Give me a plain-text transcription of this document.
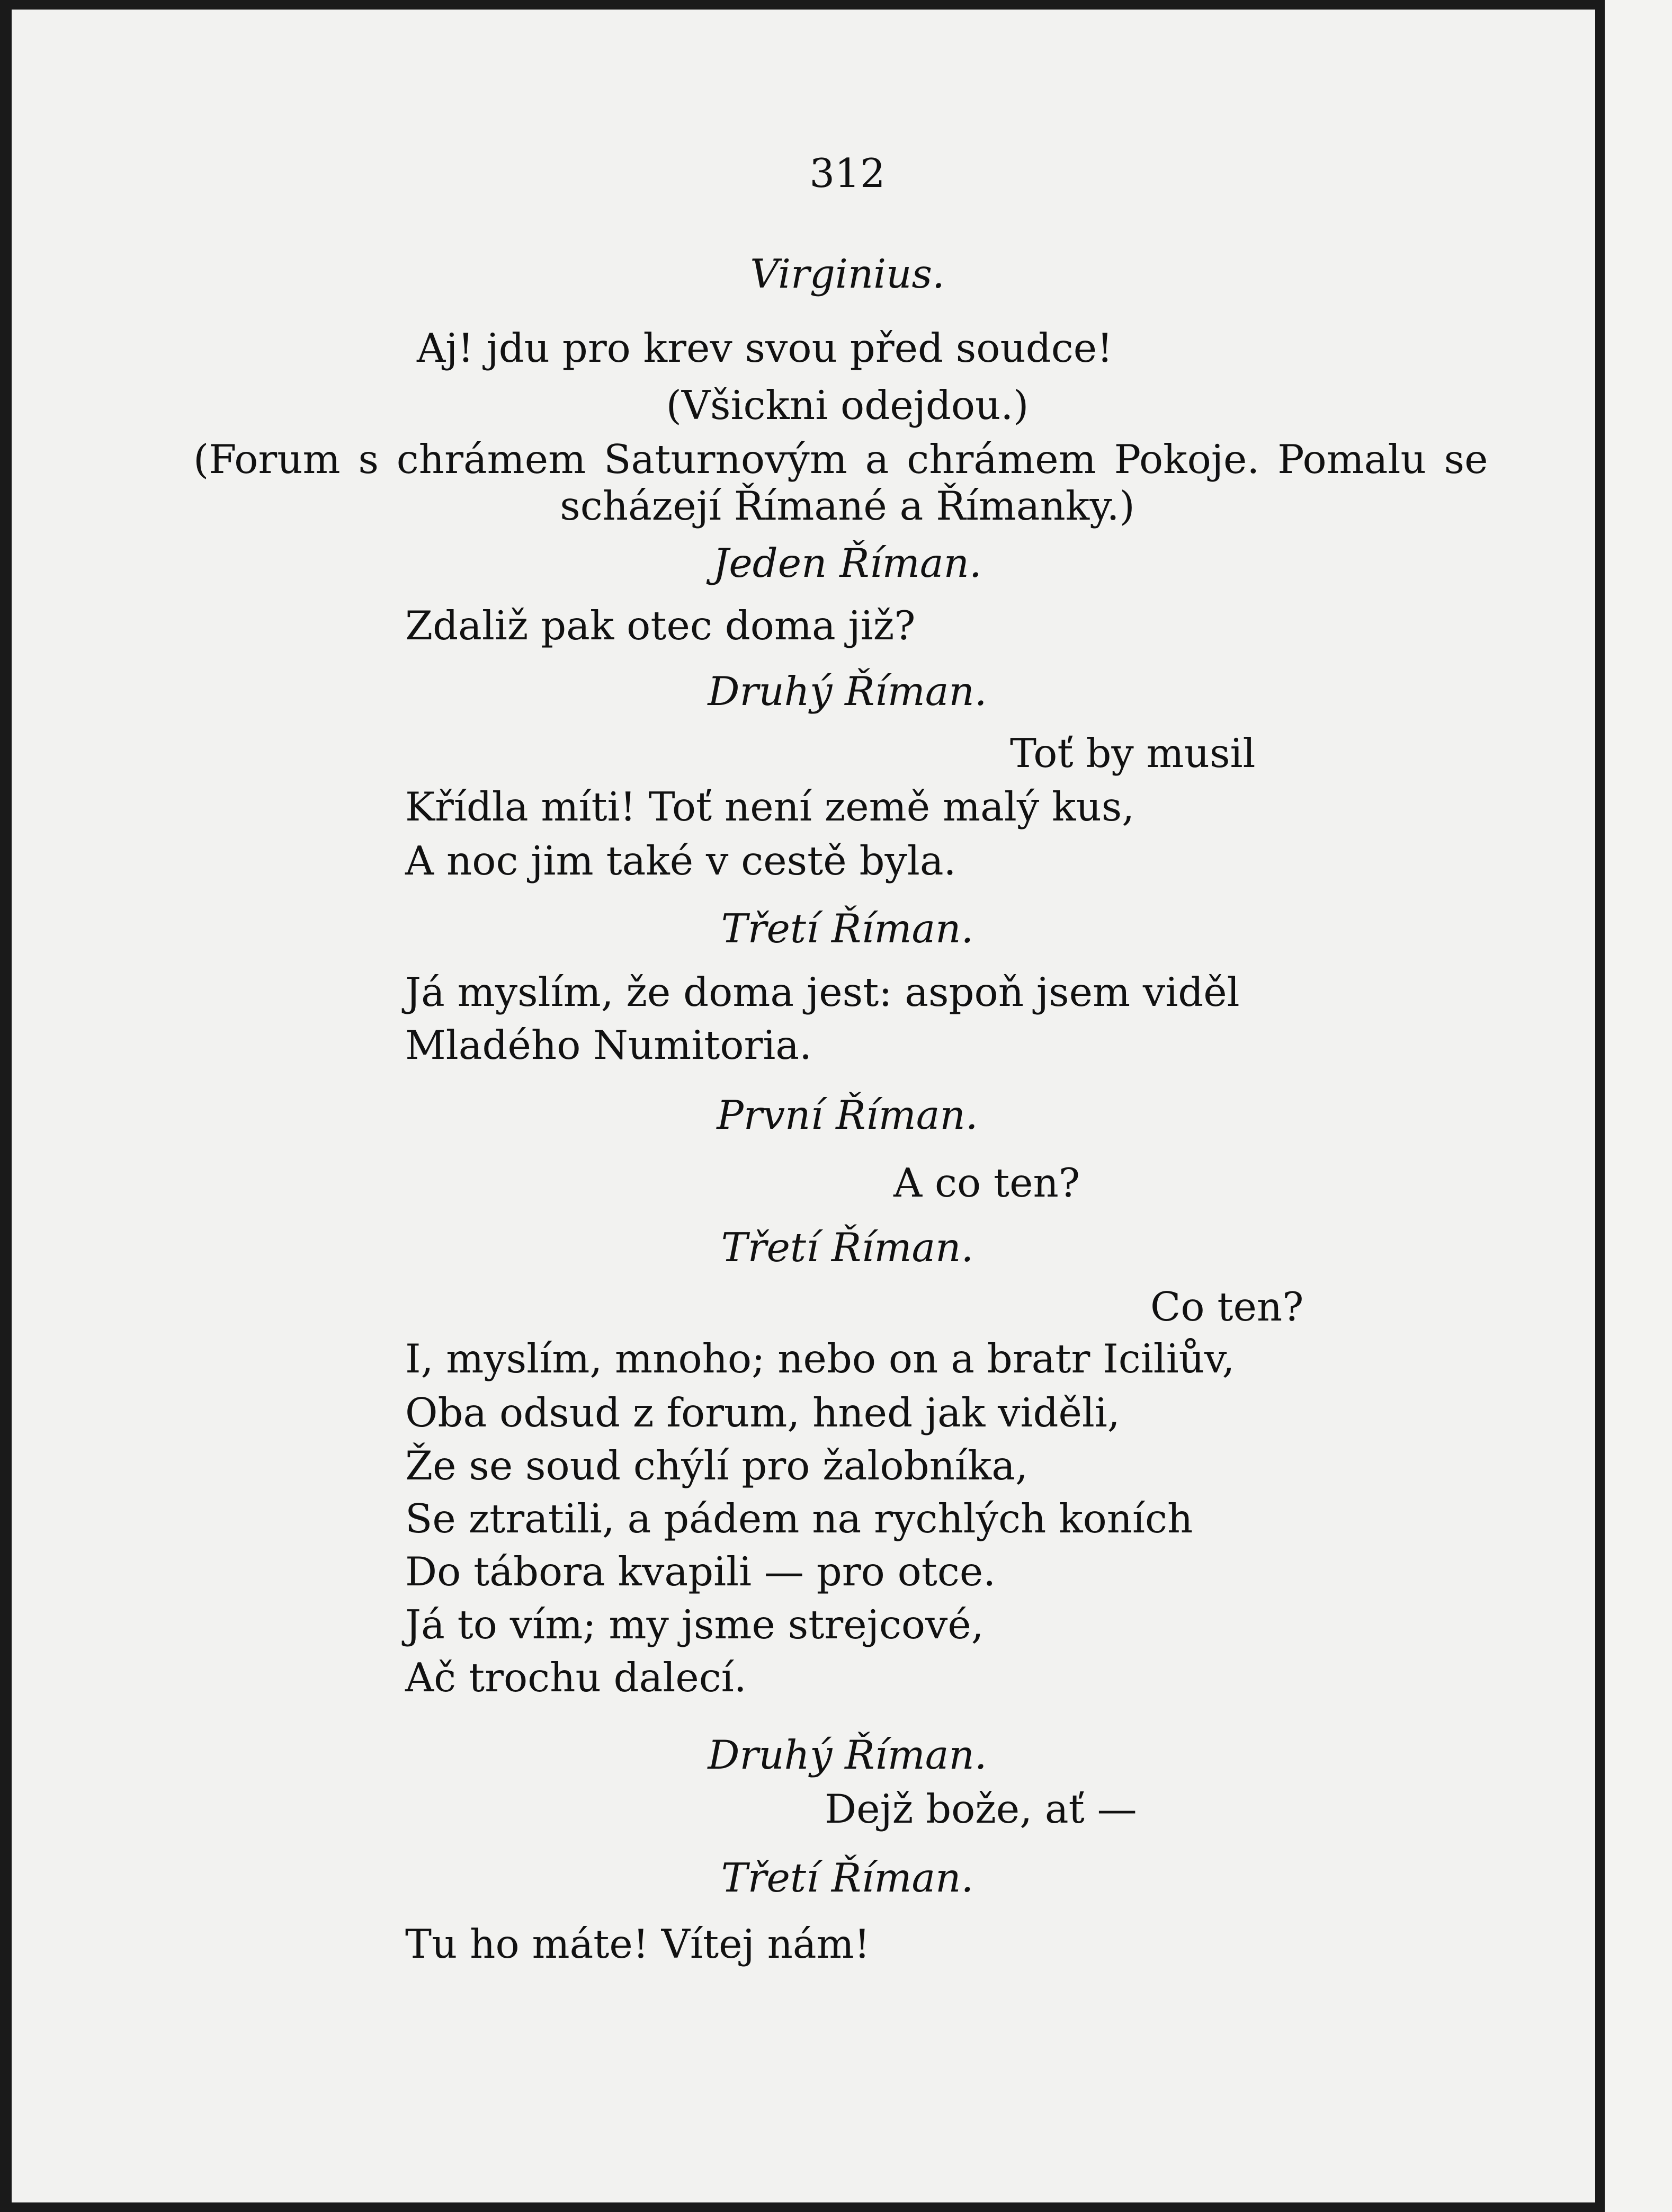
312
Virginius.
Aj! jdu pro krev svou před soudce!
(Všickni odejdou.)
(Forum s chrámem Saturnovým a chrámem Pokoje. Pomalu se
scházejí Římané a Římanky.)
Jeden Říman.
Zdaliž pak otec doma již?
Druhý Říman.
Toť by musil
Křídla míti! Toť není země malý kus,
A noc jim také v cestě byla.
Třetí Říman.
Já myslím, že doma jest: aspoň jsem viděl
Mladého Numitoria.
První Říman.
A co ten?
Třetí Říman.
Co ten?
I, myslím, mnoho; nebo on a bratr Iciliův,
Oba odsud z forum, hned jak viděli,
Že se soud chýlí pro žalobníka,
Se ztratili, a pádem na rychlých koních
Do tábora kvapili — pro otce.
Já to vím; my jsme strejcové,
Ač trochu dalecí.
Druhý Říman.
Dejž bože, ať —
Třetí Říman.
Tu ho máte! Vítej nám!
